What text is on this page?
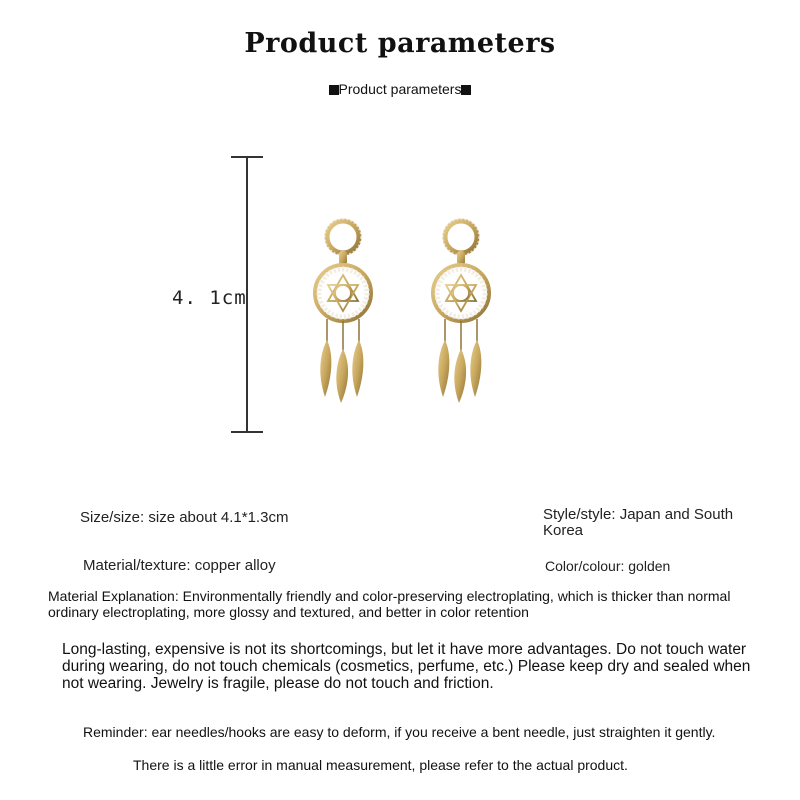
Product parameters
Product parameters
4. 1cm
Size/size: size about 4.1*1.3cm	Style/style: Japan and South Korea
Material/texture: copper alloy	Color/colour: golden
Material Explanation: Environmentally friendly and color-preserving electroplating, which is thicker than normal ordinary electroplating, more glossy and textured, and better in color retention
Long-lasting, expensive is not its shortcomings, but let it have more advantages. Do not touch water during wearing, do not touch chemicals (cosmetics, perfume, etc.) Please keep dry and sealed when not wearing. Jewelry is fragile, please do not touch and friction.
Reminder: ear needles/hooks are easy to deform, if you receive a bent needle, just straighten it gently.
There is a little error in manual measurement, please refer to the actual product.
